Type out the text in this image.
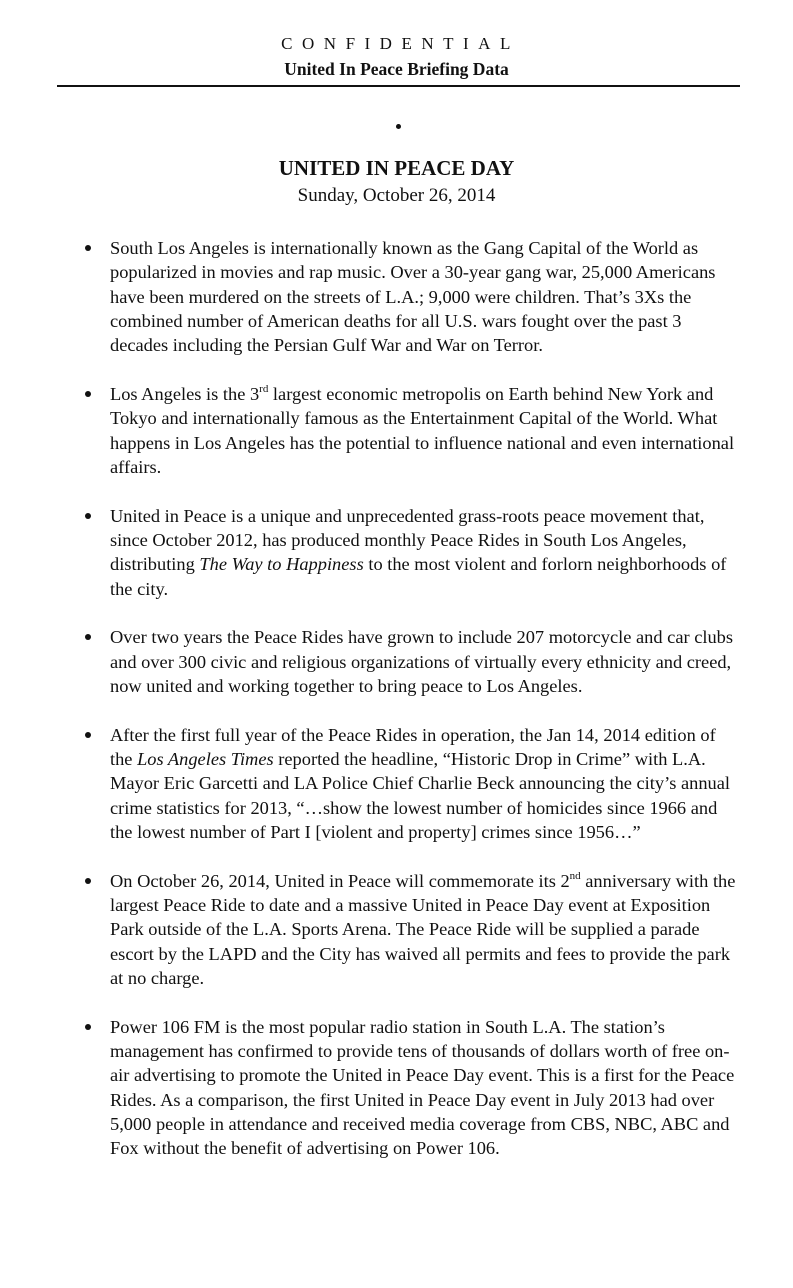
CONFIDENTIAL
United In Peace Briefing Data
UNITED IN PEACE DAY
Sunday, October 26, 2014
South Los Angeles is internationally known as the Gang Capital of the World as popularized in movies and rap music. Over a 30-year gang war, 25,000 Americans have been murdered on the streets of L.A.; 9,000 were children. That’s 3Xs the combined number of American deaths for all U.S. wars fought over the past 3 decades including the Persian Gulf War and War on Terror.
Los Angeles is the 3rd largest economic metropolis on Earth behind New York and Tokyo and internationally famous as the Entertainment Capital of the World. What happens in Los Angeles has the potential to influence national and even international affairs.
United in Peace is a unique and unprecedented grass-roots peace movement that, since October 2012, has produced monthly Peace Rides in South Los Angeles, distributing The Way to Happiness to the most violent and forlorn neighborhoods of the city.
Over two years the Peace Rides have grown to include 207 motorcycle and car clubs and over 300 civic and religious organizations of virtually every ethnicity and creed, now united and working together to bring peace to Los Angeles.
After the first full year of the Peace Rides in operation, the Jan 14, 2014 edition of the Los Angeles Times reported the headline, “Historic Drop in Crime” with L.A. Mayor Eric Garcetti and LA Police Chief Charlie Beck announcing the city’s annual crime statistics for 2013, “…show the lowest number of homicides since 1966 and the lowest number of Part I [violent and property] crimes since 1956…”
On October 26, 2014, United in Peace will commemorate its 2nd anniversary with the largest Peace Ride to date and a massive United in Peace Day event at Exposition Park outside of the L.A. Sports Arena. The Peace Ride will be supplied a parade escort by the LAPD and the City has waived all permits and fees to provide the park at no charge.
Power 106 FM is the most popular radio station in South L.A. The station’s management has confirmed to provide tens of thousands of dollars worth of free on-air advertising to promote the United in Peace Day event. This is a first for the Peace Rides. As a comparison, the first United in Peace Day event in July 2013 had over 5,000 people in attendance and received media coverage from CBS, NBC, ABC and Fox without the benefit of advertising on Power 106.
